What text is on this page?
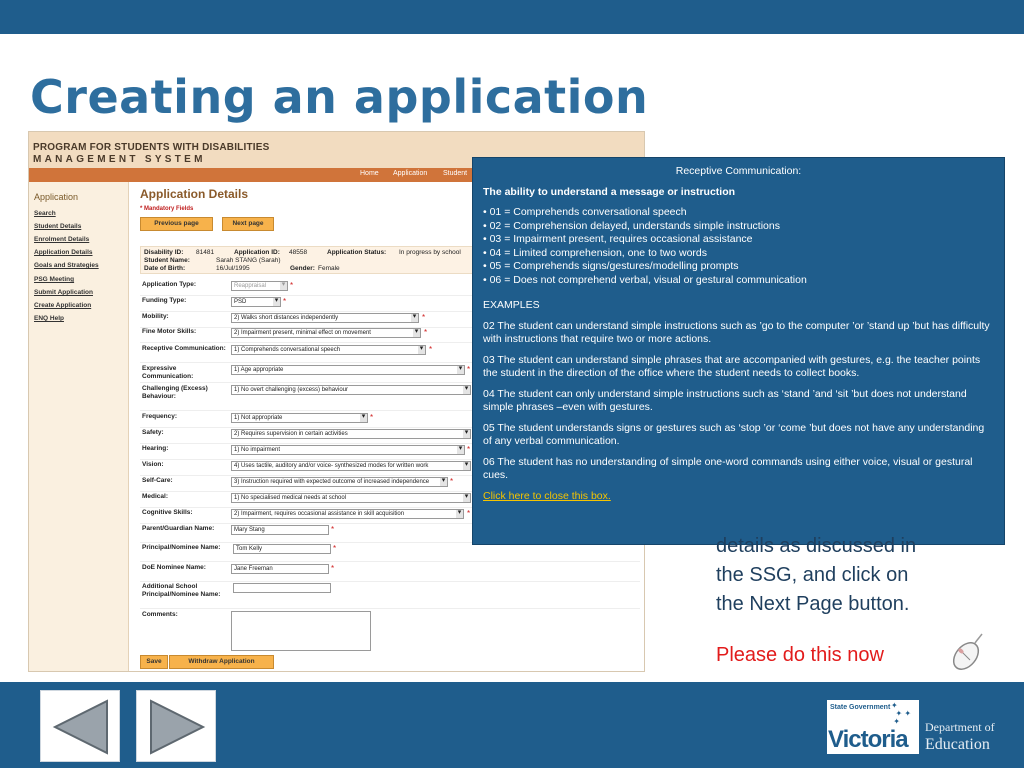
Creating an application
PROGRAM FOR STUDENTS WITH DISABILITIES
MANAGEMENT SYSTEM
Home Application Student
Application
Search
Student Details
Enrolment Details
Application Details
Goals and Strategies
PSG Meeting
Submit Application
Create Application
ENQ Help
Application Details
* Mandatory Fields
Previous page	Next page
Disability ID: 81481	Application ID: 48558	Application Status: In progress by school
Student Name:	Sarah STANG (Sarah)
Date of Birth:	16/Jul/1995	Gender: Female
Application Type:	Reappraisal ▾	*
Funding Type:	PSD ▾	*
Mobility:	2) Walks short distances independently ▾	*
Fine Motor Skills:	2) Impairment present, minimal effect on movement ▾	*
Receptive Communication:	1) Comprehends conversational speech ▾	*
Expressive Communication:
1) Age appropriate ▾	*
Challenging (Excess) Behaviour:
1) No overt challenging (excess) behaviour ▾
Frequency:	1) Not appropriate ▾	*
Safety:	2) Requires supervision in certain activities ▾
Hearing:	1) No impairment ▾	*
Vision:	4) Uses tactile, auditory and/or voice- synthesized modes for written work ▾
Self-Care:	3) Instruction required with expected outcome of increased independence ▾	*
Medical:	1) No specialised medical needs at school ▾
Cognitive Skills:	2) Impairment, requires occasional assistance in skill acquisition ▾	*
Parent/Guardian Name:	Mary Stang	*
Principal/Nominee Name:	Tom Kelly	*
DoE Nominee Name:	Jane Freeman	*
Additional School Principal/Nominee Name:
Comments:
Save	Withdraw Application
Receptive Communication:
The ability to understand a message or instruction
• 01 = Comprehends conversational speech
• 02 = Comprehension delayed, understands simple instructions
• 03 = Impairment present, requires occasional assistance
• 04 = Limited comprehension, one to two words
• 05 = Comprehends signs/gestures/modelling prompts
• 06 = Does not comprehend verbal, visual or gestural communication
EXAMPLES
02 The student can understand simple instructions such as ’go to the computer ’or ’stand up ’but has difficulty with instructions that require two or more actions.
03 The student can understand simple phrases that are accompanied with gestures, e.g. the teacher points the student in the direction of the office where the student needs to collect books.
04 The student can only understand simple instructions such as ‘stand ’and ‘sit ’but does not understand simple phrases –even with gestures.
05 The student understands signs or gestures such as ‘stop ’or ‘come ’but does not have any understanding of any verbal communication.
06 The student has no understanding of simple one-word commands using either voice, visual or gestural cues.
Click here to close this box.
details as discussed in
the SSG, and click on
the Next Page button.
Please do this now
State Government ✦
✦ ✦
✦
Victoria Department of
Education
